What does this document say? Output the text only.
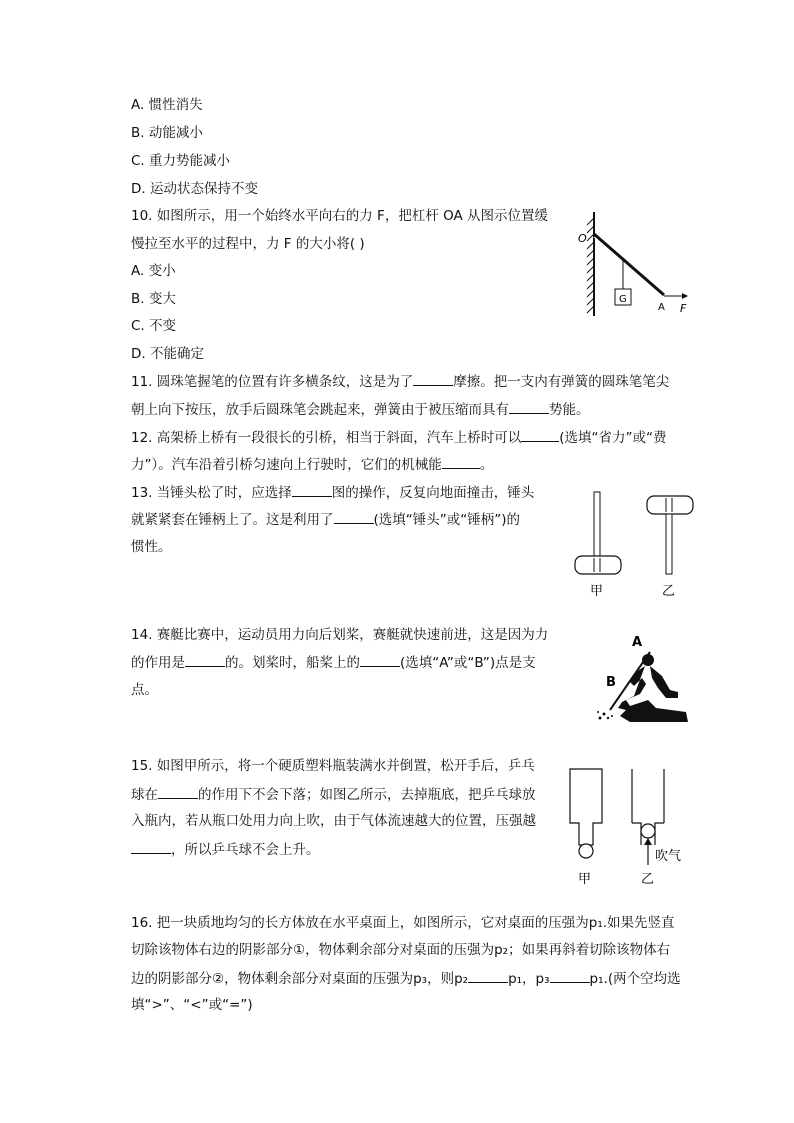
A. 惯性消失
B. 动能减小
C. 重力势能减小
D. 运动状态保持不变
10. 如图所示，用一个始终水平向右的力 F，把杠杆 OA 从图示位置缓
慢拉至水平的过程中，力 F 的大小将( )
A. 变小
B. 变大
C. 不变
D. 不能确定
O
G
A F
11. 圆珠笔握笔的位置有许多横条纹，这是为了	摩擦。把一支内有弹簧的圆珠笔笔尖
朝上向下按压，放手后圆珠笔会跳起来，弹簧由于被压缩而具有	势能。
12. 高架桥上桥有一段很长的引桥，相当于斜面，汽车上桥时可以	(选填“省力”或“费
力”）。汽车沿着引桥匀速向上行驶时，它们的机械能	。
13. 当锤头松了时，应选择	图的操作，反复向地面撞击，锤头
就紧紧套在锤柄上了。这是利用了	(选填“锤头”或“锤柄”)的
惯性。
甲	乙
14. 赛艇比赛中，运动员用力向后划桨，赛艇就快速前进，这是因为力
的作用是	的。划桨时，船桨上的	(选填“A”或“B”)点是支
点。
A
B
15. 如图甲所示，将一个硬质塑料瓶装满水并倒置，松开手后，乒乓
球在	的作用下不会下落；如图乙所示，去掉瓶底，把乒乓球放
入瓶内，若从瓶口处用力向上吹，由于气体流速越大的位置，压强越
，所以乒乓球不会上升。	吹气
甲	乙
16. 把一块质地均匀的长方体放在水平桌面上，如图所示，它对桌面的压强为p₁.如果先竖直
切除该物体右边的阴影部分①，物体剩余部分对桌面的压强为p₂；如果再斜着切除该物体右
边的阴影部分②，物体剩余部分对桌面的压强为p₃，则p₂	p₁，p₃	p₁.(两个空均选
填“>”、“<”或“=”)
